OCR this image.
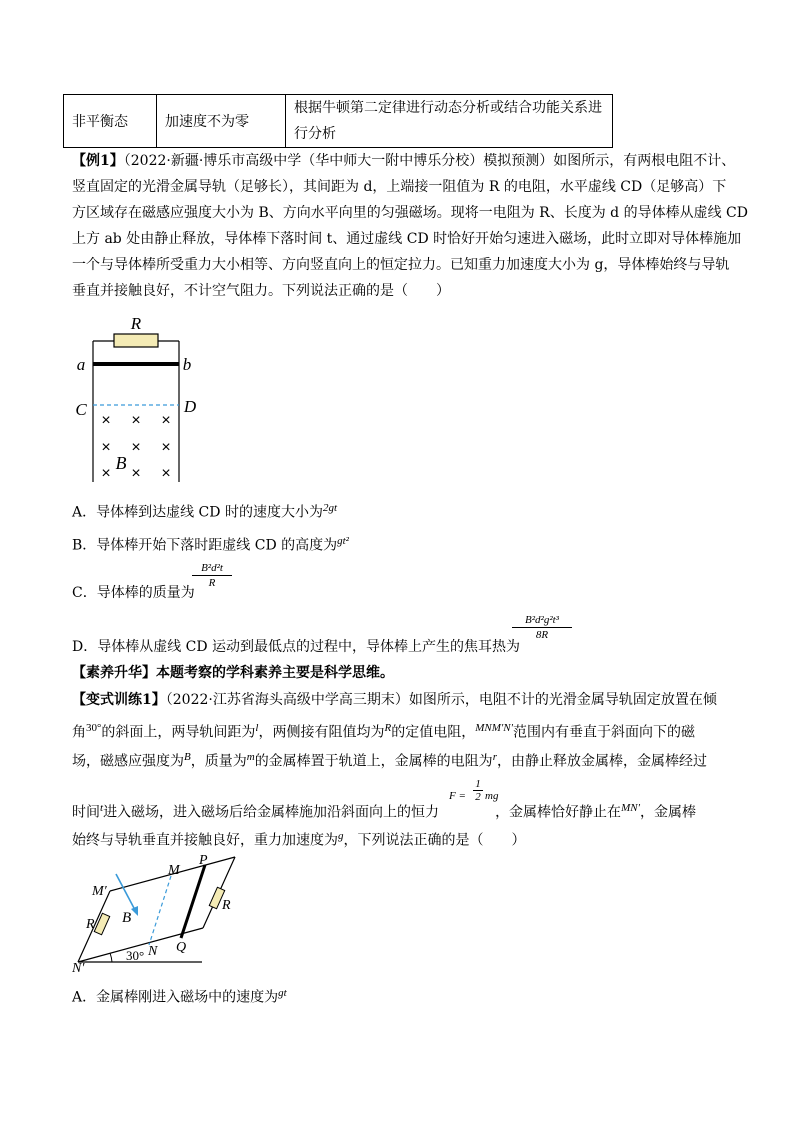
非平衡态	加速度不为零	根据牛顿第二定律进行动态分析或结合功能关系进
行分析
【例1】（2022·新疆·博乐市高级中学（华中师大一附中博乐分校）模拟预测）如图所示，有两根电阻不计、
竖直固定的光滑金属导轨（足够长），其间距为 d，上端接一阻值为 R 的电阻，水平虚线 CD（足够高）下
方区域存在磁感应强度大小为 B、方向水平向里的匀强磁场。现将一电阻为 R、长度为 d 的导体棒从虚线 CD
上方 ab 处由静止释放，导体棒下落时间 t、通过虚线 CD 时恰好开始匀速进入磁场，此时立即对导体棒施加
一个与导体棒所受重力大小相等、方向竖直向上的恒定拉力。已知重力加速度大小为 g，导体棒始终与导轨
垂直并接触良好，不计空气阻力。下列说法正确的是（　　）
R
a	b
C	D
× × ×
× × ×
× × ×
B
A．导体棒到达虚线 CD 时的速度大小为$^{2gt}$
B．导体棒开始下落时距虚线 CD 的高度为$^{gt^2}$
C．导体棒的质量为
B²d²t
R
D．导体棒从虚线 CD 运动到最低点的过程中，导体棒上产生的焦耳热为
B²d²g²t³
8R
【素养升华】本题考察的学科素养主要是科学思维。
【变式训练1】（2022·江苏省海头高级中学高三期末）如图所示，电阻不计的光滑金属导轨固定放置在倾
角$^{30^\circ}$的斜面上，两导轨间距为$^l$，两侧接有阻值均为$^R$的定值电阻，$^{MNM'N'}$范围内有垂直于斜面向下的磁
场，磁感应强度为$^B$，质量为$^m$的金属棒置于轨道上，金属棒的电阻为$^r$，由静止释放金属棒，金属棒经过
F =
1
2 mg
时间$^t$进入磁场，进入磁场后给金属棒施加沿斜面向上的恒力	，金属棒恰好静止在$^{MN'}$，金属棒
始终与导轨垂直并接触良好，重力加速度为$^g$，下列说法正确的是（　　）
M
M′
P
R
R
B
N
N′
Q
30°
A．金属棒刚进入磁场中的速度为$^{gt}$
